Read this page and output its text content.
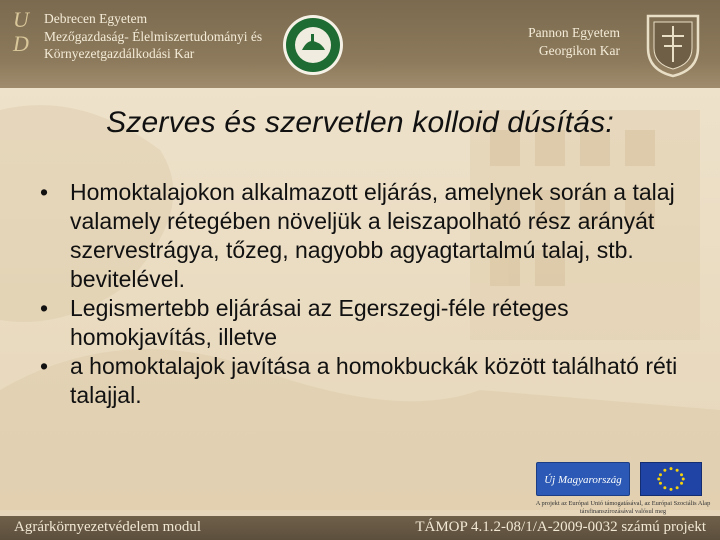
U
D
Debrecen Egyetem
Mezőgazdaság- Élelmiszertudományi és
Környezetgazdálkodási Kar
Pannon Egyetem
Georgikon Kar
Szerves és szervetlen kolloid dúsítás:
• Homoktalajokon alkalmazott eljárás, amelynek során a talaj valamely rétegében növeljük a leiszapolható rész arányát szervestrágya, tőzeg, nagyobb agyagtartalmú talaj, stb. bevitelével.
• Legismertebb eljárásai az Egerszegi-féle réteges homokjavítás, illetve
• a homoktalajok javítása a homokbuckák között található réti talajjal.
Új Magyarország
A projekt az Európai Unió támogatásával, az Európai Szociális Alap társfinanszírozásával valósul meg
Agrárkörnyezetvédelem modul	TÁMOP 4.1.2-08/1/A-2009-0032 számú projekt
